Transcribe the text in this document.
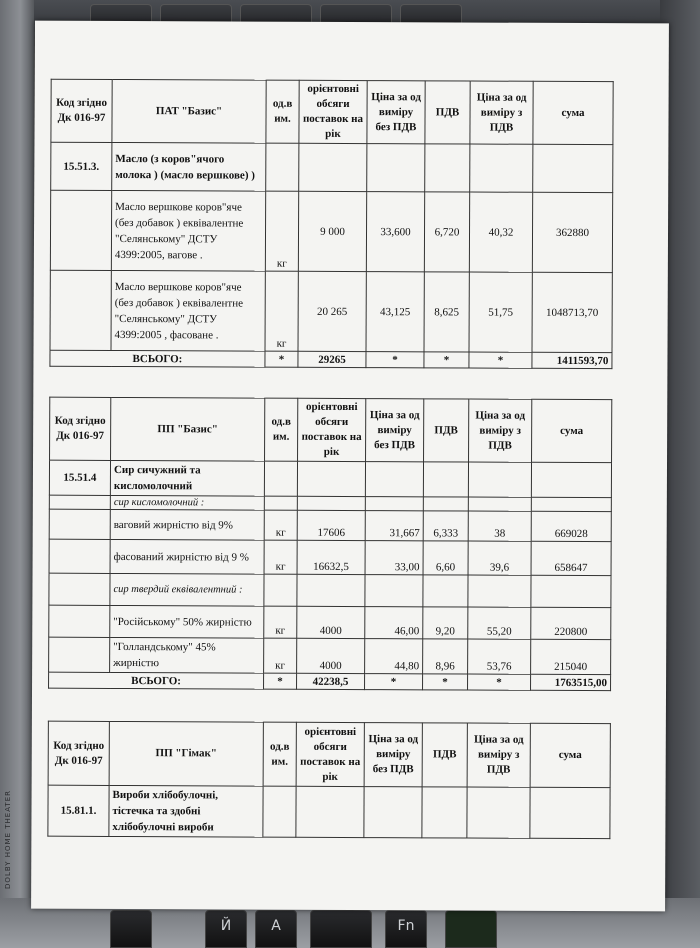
DOLBY HOME THEATER
Й	A	Fn
Код згідно Дк 016-97	ПАТ "Базис"	од.в им.	орієнтовні обсяги поставок на рік	Ціна за од виміру без ПДВ	ПДВ	Ціна за од виміру з ПДВ	сума
15.51.3.	Масло (з коров"ячого молока ) (масло вершкове) )						
	Масло вершкове коров"яче (без добавок ) еквівалентне "Селянському" ДСТУ 4399:2005, вагове .	кг	9 000	33,600	6,720	40,32	362880
	Масло вершкове коров"яче (без добавок ) еквівалентне "Селянському" ДСТУ 4399:2005 , фасоване .	кг	20 265	43,125	8,625	51,75	1048713,70
ВСЬОГО:		*	29265	*	*	*	1411593,70
Код згідно Дк 016-97	ПП "Базис"	од.в им.	орієнтовні обсяги поставок на рік	Ціна за од виміру без ПДВ	ПДВ	Ціна за од виміру з ПДВ	сума
15.51.4	Сир сичужний та кисломолочний						
	сир кисломолочний :						
	ваговий жирністю від 9%	кг	17606	31,667	6,333	38	669028
	фасований жирністю від 9 %	кг	16632,5	33,00	6,60	39,6	658647
	сир твердий еквівалентний :						
	"Російському" 50% жирністю	кг	4000	46,00	9,20	55,20	220800
	"Голландському" 45% жирністю	кг	4000	44,80	8,96	53,76	215040
ВСЬОГО:		*	42238,5	*	*	*	1763515,00
Код згідно Дк 016-97	ПП "Гімак"	од.в им.	орієнтовні обсяги поставок на рік	Ціна за од виміру без ПДВ	ПДВ	Ціна за од виміру з ПДВ	сума
15.81.1.	Вироби хлібобулочні, тістечка та здобні хлібобулочні вироби						
